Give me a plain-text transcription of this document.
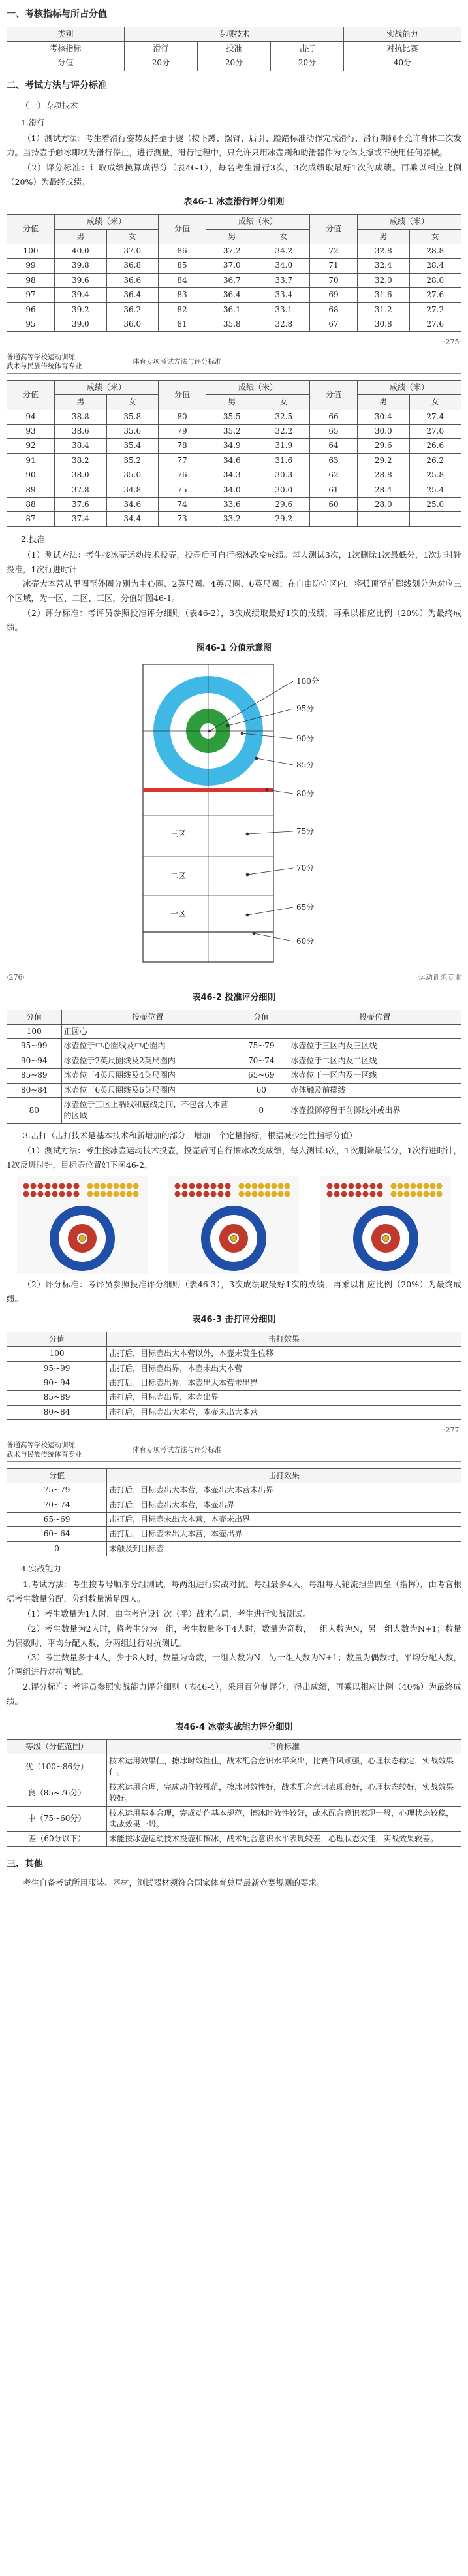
一、考核指标与所占分值
类别	专项技术			实战能力
考核指标	滑行	投准	击打	对抗比赛
分值	20分	20分	20分	40分
二、考试方法与评分标准
（一）专项技术
1.滑行

（1）测试方法：考生着滑行姿势及持壶于腿（按下蹲、摆臂、后引、蹬踏标准动作完成滑行，滑行期间不允许身体二次发力。当持壶手触冰即视为滑行停止，进行测量，滑行过程中，只允许只用冰壶刷和助滑器作为身体支撑或不使用任何器械。

（2）评分标准：计取成绩换算成得分（表46-1），每名考生滑行3次，3次成绩取最好1次的成绩。再乘以相应比例（20%）为最终成绩。

表46-1 冰壶滑行评分细则
分值	成绩（米）		分值	成绩（米）		分值	成绩（米）	
	男	女		男	女		男	女
100	40.0	37.0	86	37.2	34.2	72	32.8	28.8
99	39.8	36.8	85	37.0	34.0	71	32.4	28.4
98	39.6	36.6	84	36.7	33.7	70	32.0	28.0
97	39.4	36.4	83	36.4	33.4	69	31.6	27.6
96	39.2	36.2	82	36.1	33.1	68	31.2	27.2
95	39.0	36.0	81	35.8	32.8	67	30.8	27.6
·275·
普通高等学校运动训练
武术与民族传统体育专业
体育专项考试方法与评分标准
分值	成绩（米）		分值	成绩（米）		分值	成绩（米）	
	男	女		男	女		男	女
94	38.8	35.8	80	35.5	32.5	66	30.4	27.4
93	38.6	35.6	79	35.2	32.2	65	30.0	27.0
92	38.4	35.4	78	34.9	31.9	64	29.6	26.6
91	38.2	35.2	77	34.6	31.6	63	29.2	26.2
90	38.0	35.0	76	34.3	30.3	62	28.8	25.8
89	37.8	34.8	75	34.0	30.0	61	28.4	25.4
88	37.6	34.6	74	33.6	29.6	60	28.0	25.0
87	37.4	34.4	73	33.2	29.2			
2.投准

（1）测试方法：考生按冰壶运动技术投壶，投壶后可自行擦冰改变成绩。每人测试3次，1次删除1次最低分，1次进时针投准，1次行进时针

冰壶大本营从里圈至外圈分别为中心圈、2英尺圈、4英尺圈、6英尺圈；在自由防守区内，将弧顶至前掷线划分为对应三个区域，为一区、二区、三区，分值如图46-1。

（2）评分标准：考评员参照投准评分细则（表46-2），3次成绩取最好1次的成绩，再乘以相应比例（20%）为最终成绩。

图46-1 分值示意图
三区
二区
一区
100分
95分
90分
85分
80分
75分
70分
65分
60分
·276·	运动训练专业
表46-2 投准评分细则
分值	投壶位置	分值	投壶位置
100	正圆心		
95~99	冰壶位于中心圈线及中心圈内	75~79	冰壶位于三区内及三区线
90~94	冰壶位于2英尺圈线及2英尺圈内	70~74	冰壶位于二区内及二区线
85~89	冰壶位于4英尺圈线及4英尺圈内	65~69	冰壶位于一区内及一区线
80~84	冰壶位于6英尺圈线及6英尺圈内	60	壶体触及前掷线
80	冰壶位于三区上端线和底线之间，不包含大本营的区域	0	冰壶投掷停留于前掷线外或出界

3.击打（击打技术是基本技术和新增加的部分，增加一个定量指标，根据减少定性指标分值）

（1）测试方法：考生按冰壶运动技术投壶，投壶后可自行擦冰改变成绩，每人测试3次，1次删除最低分，1次行进时针，1次反进时针，目标壶位置如下图46-2。

（2）评分标准：考评员参照投准评分细则（表46-3），3次成绩取最好1次的成绩，再乘以相应比例（20%）为最终成绩。

表46-3 击打评分细则
分值	击打效果
100	击打后，目标壶出大本营以外，本壶未发生位移
95~99	击打后，目标壶出界，本壶未出大本营
90~94	击打后，目标壶出界，本壶出大本营未出界
85~89	击打后，目标壶出界，本壶出界
80~84	击打后，目标壶出大本营，本壶未出大本营
·277·
普通高等学校运动训练
武术与民族传统体育专业
体育专项考试方法与评分标准
分值	击打效果
75~79	击打后，目标壶出大本营，本壶出大本营未出界
70~74	击打后，目标壶出大本营，本壶出界
65~69	击打后，目标壶未出大本营，本壶未出界
60~64	击打后，目标壶未出大本营，本壶出界
0	未触及到目标壶
4.实战能力

1.考试方法：考生按考号顺序分组测试，每两组进行实战对抗。每组最多4人，每组每人轮流担当四垒（指挥），由考官根据考生数量分配，分组数量满足四人。

（1）考生数量为1人时，由主考官设计次（平）战术布局，考生进行实战测试。

（2）考生数量为2人时，将考生分为一组，考生数量多于4人时，数量为奇数，一组人数为N，另一组人数为N+1；数量为偶数时，平均分配人数，分两组进行对抗测试。

（3）考生数量多于4人，少于8人时，数量为奇数，一组人数为N，另一组人数为N+1；数量为偶数时，平均分配人数，分两组进行对抗测试。

2.评分标准：考评员参照实战能力评分细则（表46-4），采用百分制评分，得出成绩，再乘以相应比例（40%）为最终成绩。

表46-4 冰壶实战能力评分细则
等级（分值范围）	评价标准
优（100~86分）	技术运用效果佳，擦冰时效性佳，战术配合意识水平突出，比赛作风顽强，心理状态稳定，实战效果佳。
良（85~76分）	技术运用合理，完成动作较规范，擦冰时效性好，战术配合意识表现良好，心理状态较好，实战效果较好。
中（75~60分）	技术运用基本合理，完成动作基本规范，擦冰时效性较好，战术配合意识表现一般，心理状态较稳，实战效果一般。
差（60分以下）	未能按冰壶运动技术投壶和擦冰，战术配合意识水平表现较差，心理状态欠佳，实战效果较差。
三、其他

考生自备考试所用服装、器材，测试器材须符合国家体育总局最新竞赛规则的要求。
